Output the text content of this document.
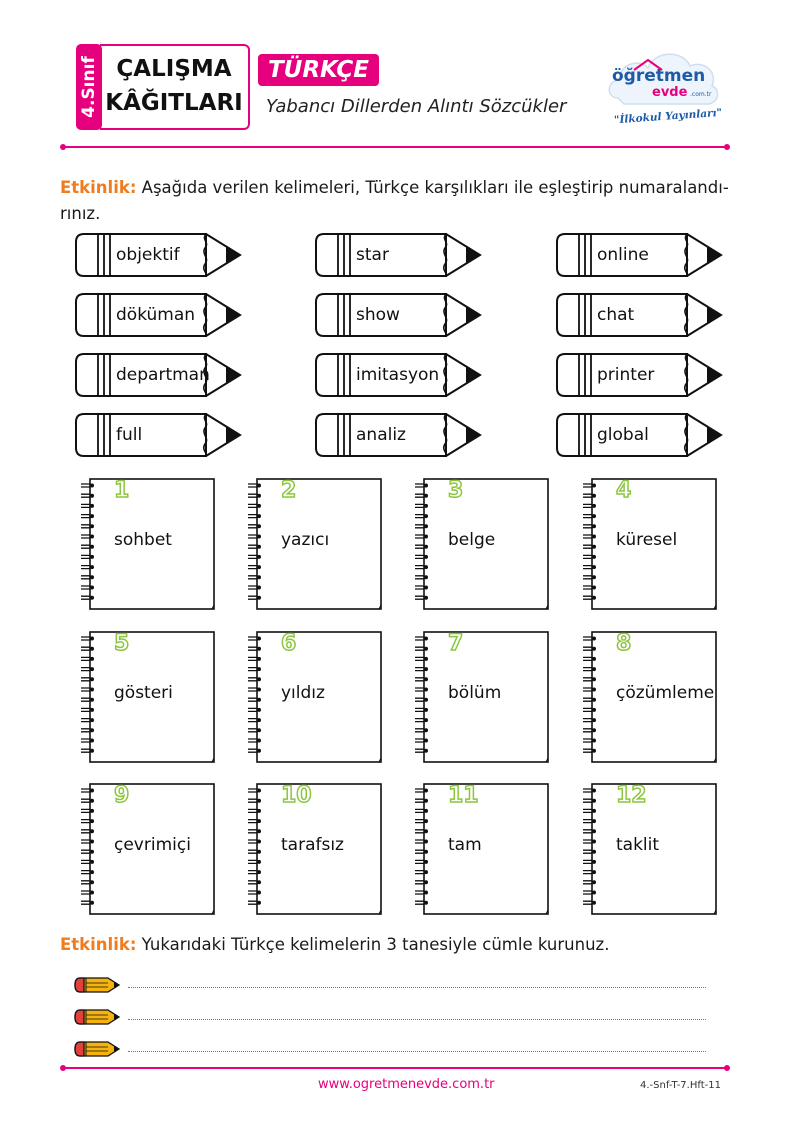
4.Sınıf ÇALIŞMA
KÂĞITLARI
TÜRKÇE
Yabancı Dillerden Alıntı Sözcükler
öğretmen
evde .com.tr
"İlkokul Yayınları"
Etkinlik: Aşağıda verilen kelimeleri, Türkçe karşılıkları ile eşleştirip numaralandı-
rınız.
objektif	star	online
döküman	show	chat
departman	imitasyon	printer
full	analiz	global
1
sohbet
2
yazıcı
3
belge
4
küresel
5
gösteri
6
yıldız
7
bölüm
8
çözümleme
9
çevrimiçi
10
tarafsız
11
tam
12
taklit
Etkinlik: Yukarıdaki Türkçe kelimelerin 3 tanesiyle cümle kurunuz.
www.ogretmenevde.com.tr	4.-Snf-T-7.Hft-11
